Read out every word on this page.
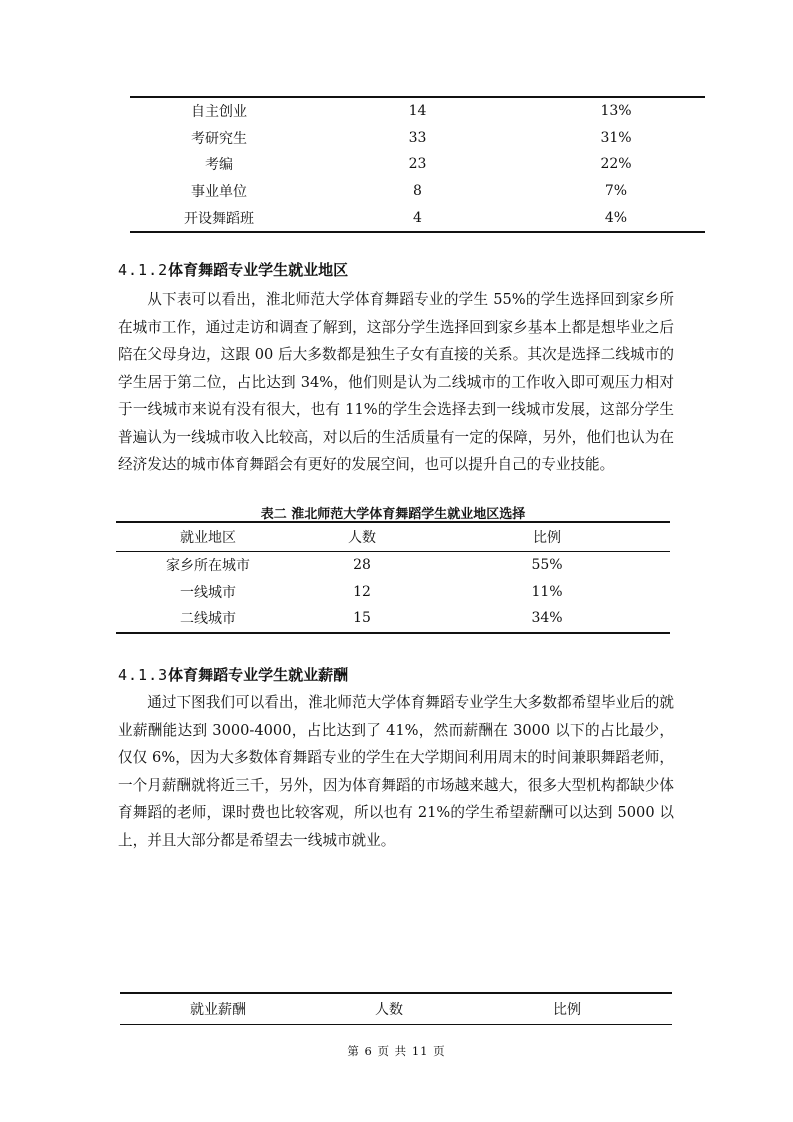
自主创业	14	13%
考研究生	33	31%
考编	23	22%
事业单位	8	7%
开设舞蹈班	4	4%
4.1.2体育舞蹈专业学生就业地区

从下表可以看出，淮北师范大学体育舞蹈专业的学生 55%的学生选择回到家乡所在城市工作，通过走访和调查了解到，这部分学生选择回到家乡基本上都是想毕业之后陪在父母身边，这跟 00 后大多数都是独生子女有直接的关系。其次是选择二线城市的学生居于第二位，占比达到 34%，他们则是认为二线城市的工作收入即可观压力相对于一线城市来说有没有很大，也有 11%的学生会选择去到一线城市发展，这部分学生普遍认为一线城市收入比较高，对以后的生活质量有一定的保障，另外，他们也认为在经济发达的城市体育舞蹈会有更好的发展空间，也可以提升自己的专业技能。

表二 淮北师范大学体育舞蹈学生就业地区选择
就业地区	人数	比例
家乡所在城市	28	55%
一线城市	12	11%
二线城市	15	34%
4.1.3体育舞蹈专业学生就业薪酬

通过下图我们可以看出，淮北师范大学体育舞蹈专业学生大多数都希望毕业后的就业薪酬能达到 3000-4000，占比达到了 41%，然而薪酬在 3000 以下的占比最少，仅仅 6%，因为大多数体育舞蹈专业的学生在大学期间利用周末的时间兼职舞蹈老师，一个月薪酬就将近三千，另外，因为体育舞蹈的市场越来越大，很多大型机构都缺少体育舞蹈的老师，课时费也比较客观，所以也有 21%的学生希望薪酬可以达到 5000 以上，并且大部分都是希望去一线城市就业。

就业薪酬	人数	比例
第 6 页 共 11 页
